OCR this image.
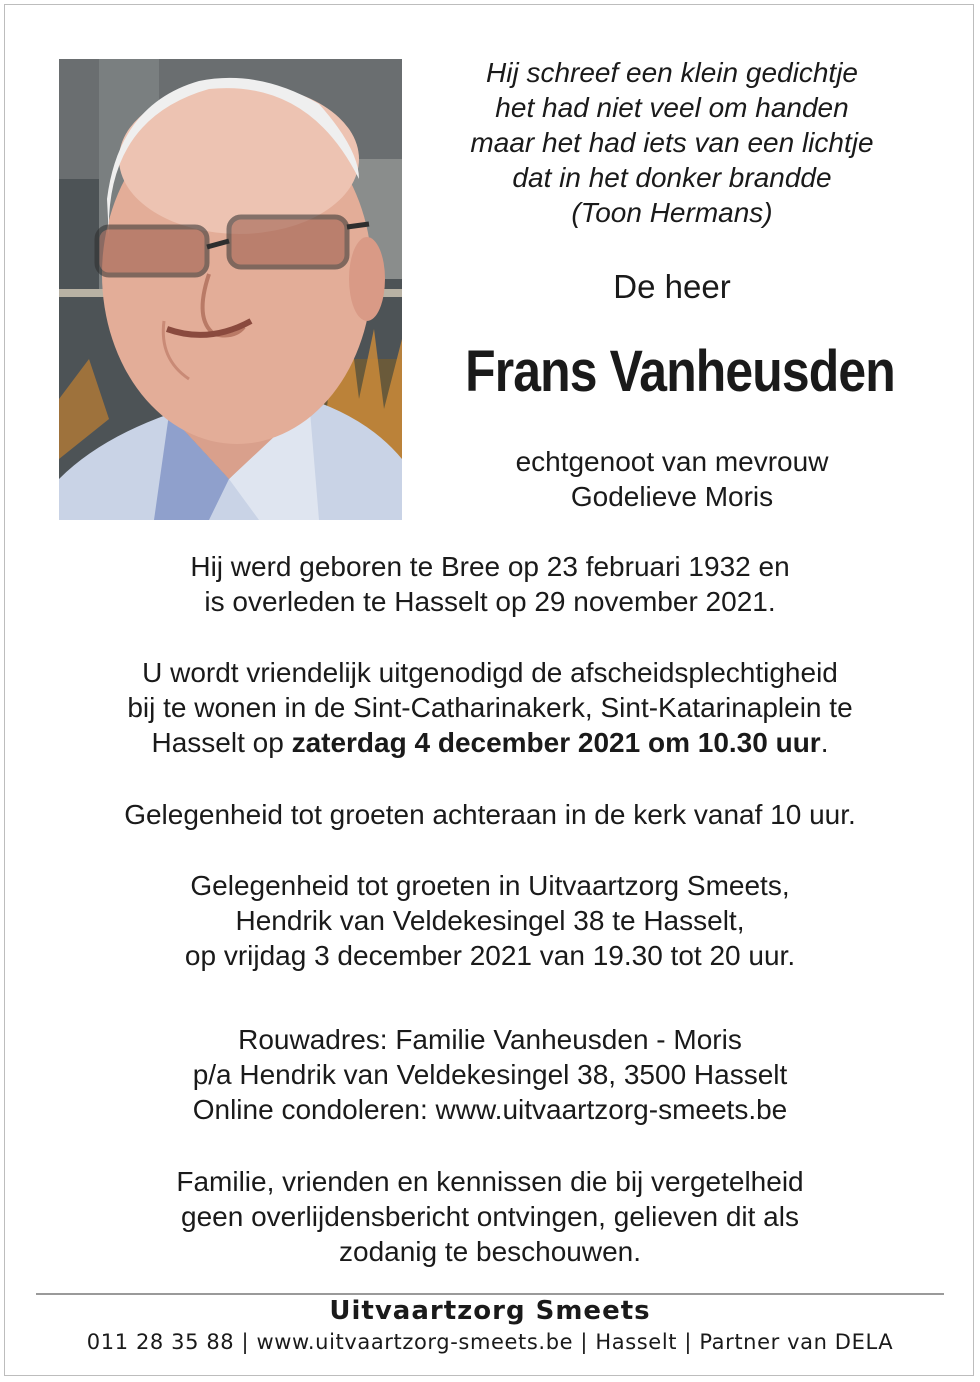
Hij schreef een klein gedichtje
het had niet veel om handen
maar het had iets van een lichtje
dat in het donker brandde
(Toon Hermans)
De heer
Frans Vanheusden
echtgenoot van mevrouw
Godelieve Moris
Hij werd geboren te Bree op 23 februari 1932 en
is overleden te Hasselt op 29 november 2021.
U wordt vriendelijk uitgenodigd de afscheidsplechtigheid
bij te wonen in de Sint-Catharinakerk, Sint-Katarinaplein te
Hasselt op zaterdag 4 december 2021 om 10.30 uur.
Gelegenheid tot groeten achteraan in de kerk vanaf 10 uur.
Gelegenheid tot groeten in Uitvaartzorg Smeets,
Hendrik van Veldekesingel 38 te Hasselt,
op vrijdag 3 december 2021 van 19.30 tot 20 uur.
Rouwadres: Familie Vanheusden - Moris
p/a Hendrik van Veldekesingel 38, 3500 Hasselt
Online condoleren: www.uitvaartzorg-smeets.be
Familie, vrienden en kennissen die bij vergetelheid
geen overlijdensbericht ontvingen, gelieven dit als
zodanig te beschouwen.
Uitvaartzorg Smeets
011 28 35 88 | www.uitvaartzorg-smeets.be | Hasselt | Partner van DELA
